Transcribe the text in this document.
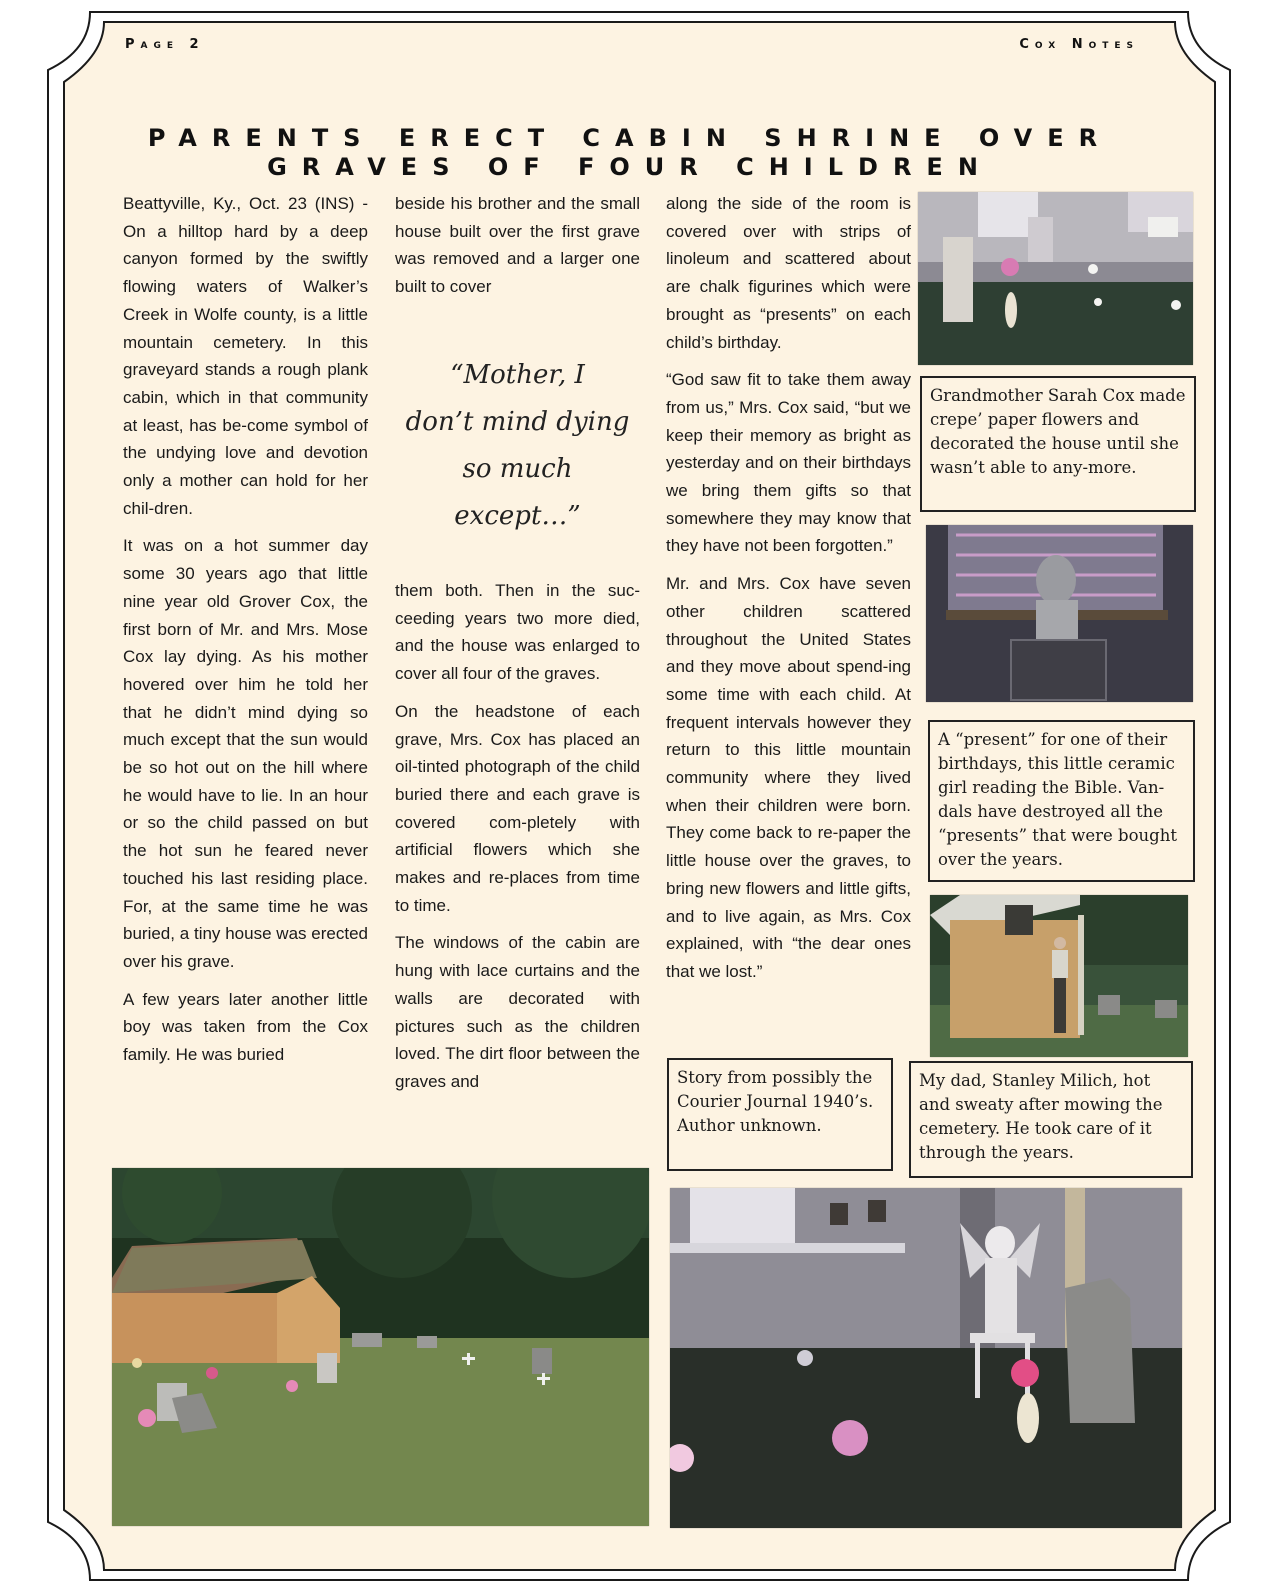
Page 2	Cox Notes
PARENTS ERECT CABIN SHRINE OVER
GRAVES OF FOUR CHILDREN

Beattyville, Ky., Oct. 23 (INS) - On a hilltop hard by a deep canyon formed by the swiftly flowing waters of Walker’s Creek in Wolfe county, is a little mountain cemetery. In this graveyard stands a rough plank cabin, which in that community at least, has be-come symbol of the undying love and devotion only a mother can hold for her chil-dren.

It was on a hot summer day some 30 years ago that little nine year old Grover Cox, the first born of Mr. and Mrs. Mose Cox lay dying. As his mother hovered over him he told her that he didn’t mind dying so much except that the sun would be so hot out on the hill where he would have to lie. In an hour or so the child passed on but the hot sun he feared never touched his last residing place. For, at the same time he was buried, a tiny house was erected over his grave.

A few years later another little boy was taken from the Cox family. He was buried

beside his brother and the small house built over the first grave was removed and a larger one built to cover

“Mother, I
don’t mind dying
so much
except…”

them both. Then in the suc-ceeding years two more died, and the house was enlarged to cover all four of the graves.

On the headstone of each grave, Mrs. Cox has placed an oil-tinted photograph of the child buried there and each grave is covered com-pletely with artificial flowers which she makes and re-places from time to time.

The windows of the cabin are hung with lace curtains and the walls are decorated with pictures such as the children loved. The dirt floor between the graves and

along the side of the room is covered over with strips of linoleum and scattered about are chalk figurines which were brought as “presents” on each child’s birthday.

“God saw fit to take them away from us,” Mrs. Cox said, “but we keep their memory as bright as yesterday and on their birthdays we bring them gifts so that somewhere they may know that they have not been forgotten.”

Mr. and Mrs. Cox have seven other children scattered throughout the United States and they move about spend-ing some time with each child. At frequent intervals however they return to this little mountain community where they lived when their children were born. They come back to re-paper the little house over the graves, to bring new flowers and little gifts, and to live again, as Mrs. Cox explained, with “the dear ones that we lost.”

Grandmother Sarah Cox made crepe’ paper flowers and decorated the house until she wasn’t able to any-more.
A “present” for one of their birthdays, this little ceramic girl reading the Bible. Van-dals have destroyed all the “presents” that were bought over the years.
Story from possibly the Courier Journal 1940’s. Author unknown.
My dad, Stanley Milich, hot and sweaty after mowing the cemetery. He took care of it through the years.
